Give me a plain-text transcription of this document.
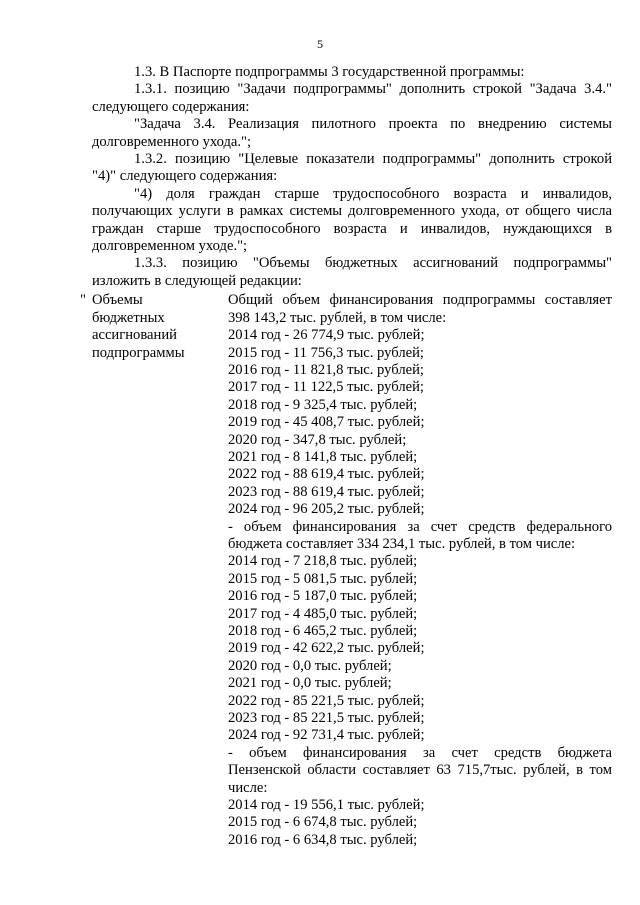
5

1.3. В Паспорте подпрограммы 3 государственной программы:

1.3.1. позицию "Задачи подпрограммы" дополнить строкой "Задача 3.4." следующего содержания:

"Задача 3.4. Реализация пилотного проекта по внедрению системы долговременного ухода.";

1.3.2. позицию "Целевые показатели подпрограммы" дополнить строкой "4)" следующего содержания:

"4) доля граждан старше трудоспособного возраста и инвалидов, получающих услуги в рамках системы долговременного ухода, от общего числа граждан старше трудоспособного возраста и инвалидов, нуждающихся в долговременном уходе.";

1.3.3. позицию "Объемы бюджетных ассигнований подпрограммы" изложить в следующей редакции:

" Объемы
бюджетных
ассигнований
подпрограммы

Общий объем финансирования подпрограммы составляет 398 143,2 тыс. рублей, в том числе:

2014 год - 26 774,9 тыс. рублей;

2015 год - 11 756,3 тыс. рублей;

2016 год - 11 821,8 тыс. рублей;

2017 год - 11 122,5 тыс. рублей;

2018 год - 9 325,4 тыс. рублей;

2019 год - 45 408,7 тыс. рублей;

2020 год - 347,8 тыс. рублей;

2021 год - 8 141,8 тыс. рублей;

2022 год - 88 619,4 тыс. рублей;

2023 год - 88 619,4 тыс. рублей;

2024 год - 96 205,2 тыс. рублей;

- объем финансирования за счет средств федерального бюджета составляет 334 234,1 тыс. рублей, в том числе:

2014 год - 7 218,8 тыс. рублей;

2015 год - 5 081,5 тыс. рублей;

2016 год - 5 187,0 тыс. рублей;

2017 год - 4 485,0 тыс. рублей;

2018 год - 6 465,2 тыс. рублей;

2019 год - 42 622,2 тыс. рублей;

2020 год - 0,0 тыс. рублей;

2021 год - 0,0 тыс. рублей;

2022 год - 85 221,5 тыс. рублей;

2023 год - 85 221,5 тыс. рублей;

2024 год - 92 731,4 тыс. рублей;

- объем финансирования за счет средств бюджета Пензенской области составляет 63 715,7тыс. рублей, в том числе:

2014 год - 19 556,1 тыс. рублей;

2015 год - 6 674,8 тыс. рублей;

2016 год - 6 634,8 тыс. рублей;
